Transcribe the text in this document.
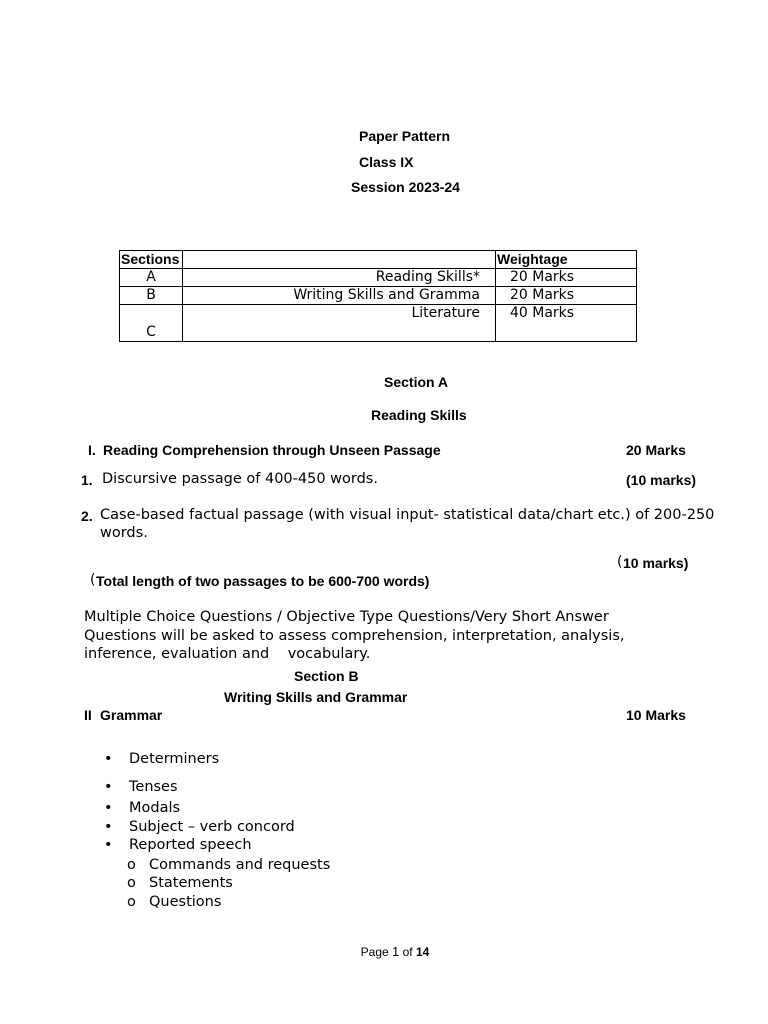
Paper Pattern
Class IX
Session 2023-24
Sections		Weightage
A	Reading Skills*	20 Marks
B	Writing Skills and Gramma	20 Marks
C	Literature	40 Marks
Section A
Reading Skills
I. Reading Comprehension through Unseen Passage	20 Marks
1. Discursive passage of 400-450 words.	(10 marks)
2. Case-based factual passage (with visual input- statistical data/chart etc.) of 200-250
words.
( 10 marks)
( Total length of two passages to be 600-700 words)
Multiple Choice Questions / Objective Type Questions/Very Short Answer
Questions will be asked to assess comprehension, interpretation, analysis,
inference, evaluation and    vocabulary.
Section B
Writing Skills and Grammar
II Grammar	10 Marks
• Determiners
• Tenses
• Modals
• Subject – verb concord
• Reported speech
o Commands and requests
o Statements
o Questions
Page 1 of 14
